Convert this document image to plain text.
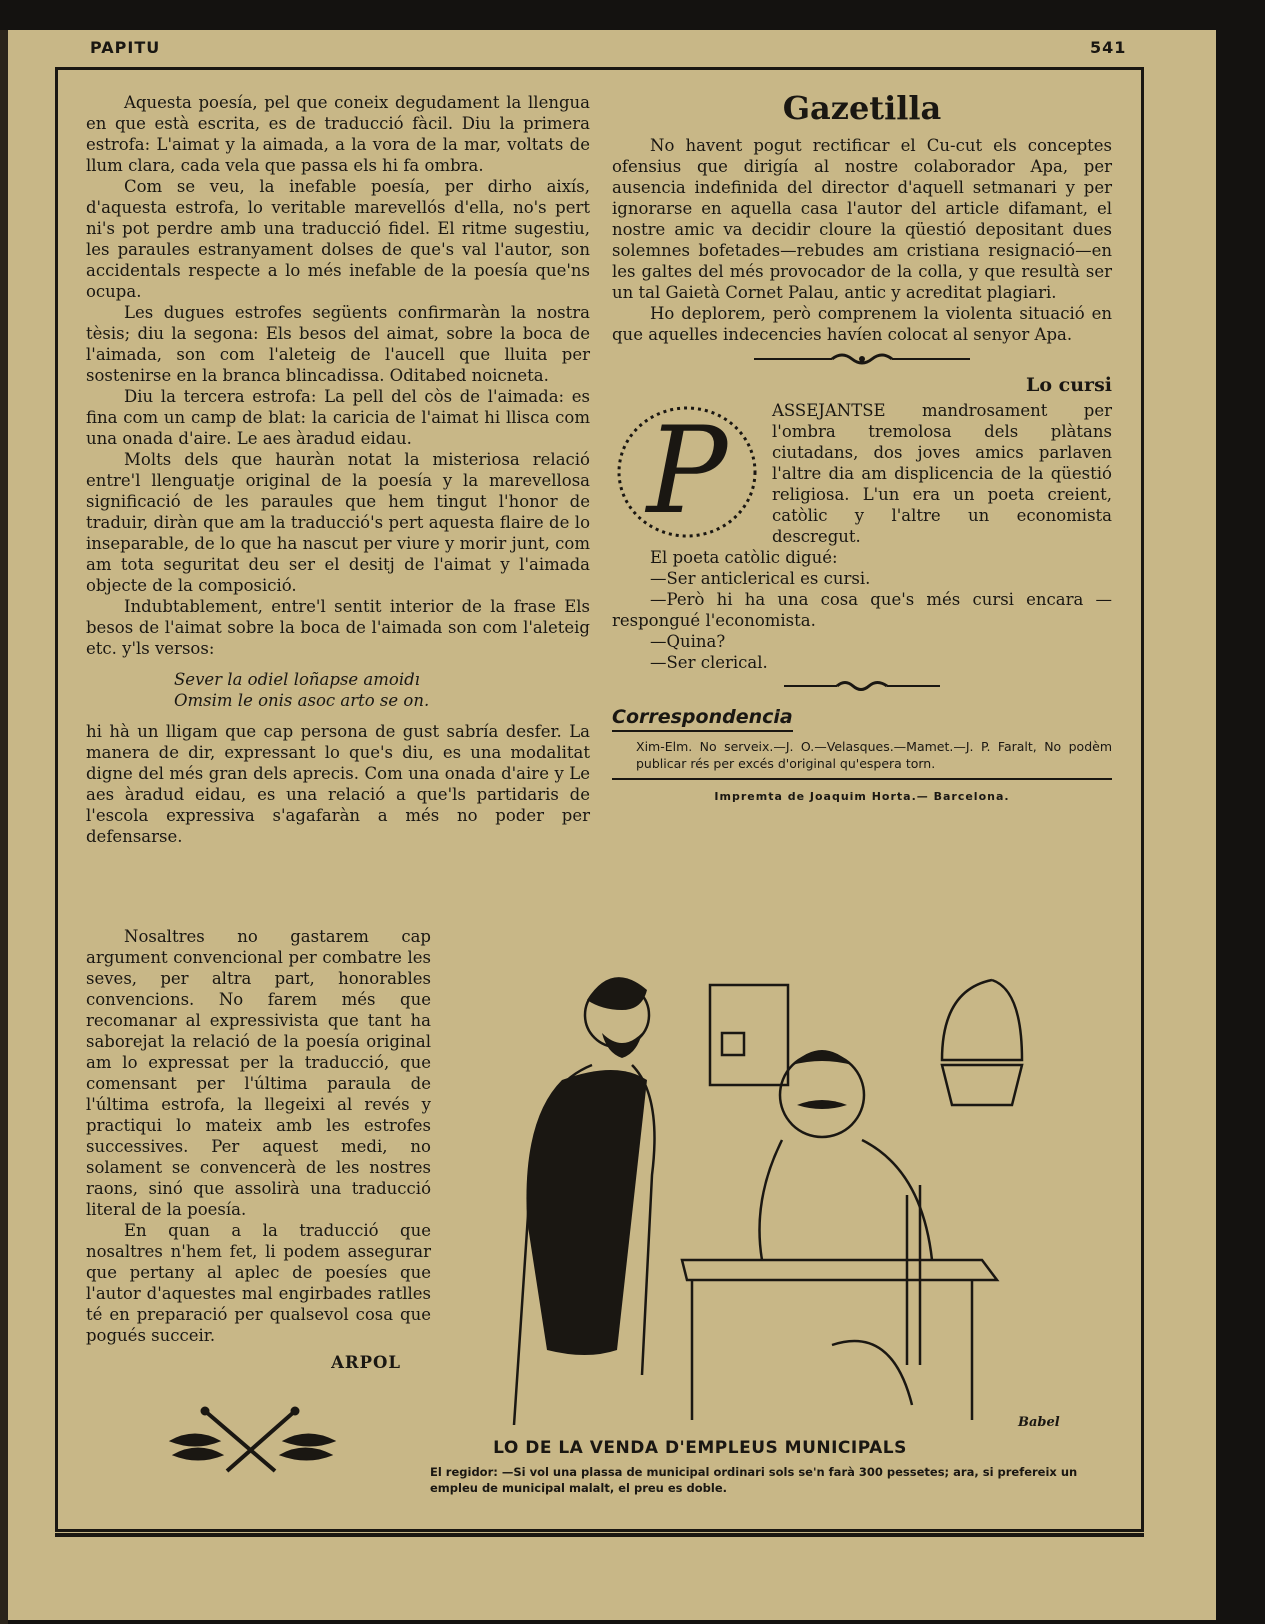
PAPITU	541

Aquesta poesía, pel que coneix degudament la llengua en que està escrita, es de traducció fàcil. Diu la primera estrofa: L'aimat y la aimada, a la vora de la mar, voltats de llum clara, cada vela que passa els hi fa ombra.

Com se veu, la inefable poesía, per dirho aixís, d'aquesta estrofa, lo veritable marevellós d'ella, no's pert ni's pot perdre amb una traducció fidel. El ritme sugestiu, les paraules estranyament dolses de que's val l'autor, son accidentals respecte a lo més inefable de la poesía que'ns ocupa.

Les dugues estrofes següents confirmaràn la nostra tèsis; diu la segona: Els besos del aimat, sobre la boca de l'aimada, son com l'aleteig de l'aucell que lluita per sostenirse en la branca blincadissa. Oditabed noicneta.

Diu la tercera estrofa: La pell del còs de l'aimada: es fina com un camp de blat: la caricia de l'aimat hi llisca com una onada d'aire. Le aes àradud eidau.

Molts dels que hauràn notat la misteriosa relació entre'l llenguatje original de la poesía y la marevellosa significació de les paraules que hem tingut l'honor de traduir, diràn que am la traducció's pert aquesta flaire de lo inseparable, de lo que ha nascut per viure y morir junt, com am tota seguritat deu ser el desitj de l'aimat y l'aimada objecte de la composició.

Indubtablement, entre'l sentit interior de la frase Els besos de l'aimat sobre la boca de l'aimada son com l'aleteig etc. y'ls versos:

Sever la odiel loñapse amoidı
Omsim le onis asoc arto se on.

hi hà un lligam que cap persona de gust sabría desfer. La manera de dir, expressant lo que's diu, es una modalitat digne del més gran dels aprecis. Com una onada d'aire y Le aes àradud eidau, es una relació a que'ls partidaris de l'escola expressiva s'agafaràn a més no poder per defensarse.

Nosaltres no gastarem cap argument convencional per combatre les seves, per altra part, honorables convencions. No farem més que recomanar al expressivista que tant ha saborejat la relació de la poesía original am lo expressat per la traducció, que comensant per l'última paraula de l'última estrofa, la llegeixi al revés y practiqui lo mateix amb les estrofes successives. Per aquest medi, no solament se convencerà de les nostres raons, sinó que assolirà una traducció literal de la poesía.

En quan a la traducció que nosaltres n'hem fet, li podem assegurar que pertany al aplec de poesíes que l'autor d'aquestes mal engirbades ratlles té en preparació per qualsevol cosa que pogués succeir.

ARPOL
Gazetilla

No havent pogut rectificar el Cu-cut els conceptes ofensius que dirigía al nostre colaborador Apa, per ausencia indefinida del director d'aquell setmanari y per ignorarse en aquella casa l'autor del article difamant, el nostre amic va decidir cloure la qüestió depositant dues solemnes bofetades—rebudes am cristiana resignació—en les galtes del més provocador de la colla, y que resultà ser un tal Gaietà Cornet Palau, antic y acreditat plagiari.

Ho deplorem, però comprenem la violenta situació en que aquelles indecencies havíen colocat al senyor Apa.

Lo cursi
P	ASSEJANTSE mandrosament per l'ombra tremolosa dels plàtans ciutadans, dos joves amics parlaven l'altre dia am displicencia de la qüestió religiosa. L'un era un poeta creient, catòlic y l'altre un economista descregut.

El poeta catòlic digué:

—Ser anticlerical es cursi.

—Però hi ha una cosa que's més cursi encara —respongué l'economista.

—Quina?

—Ser clerical.

Correspondencia
Xim-Elm. No serveix.—J. O.—Velasques.—Mamet.—J. P. Faralt, No podèm publicar rés per excés d'original qu'espera torn.
Impremta de Joaquim Horta.— Barcelona.
Babel
LO DE LA VENDA D'EMPLEUS MUNICIPALS
El regidor: —Si vol una plassa de municipal ordinari sols se'n farà 300 pessetes; ara, si prefereix un empleu de municipal malalt, el preu es doble.
